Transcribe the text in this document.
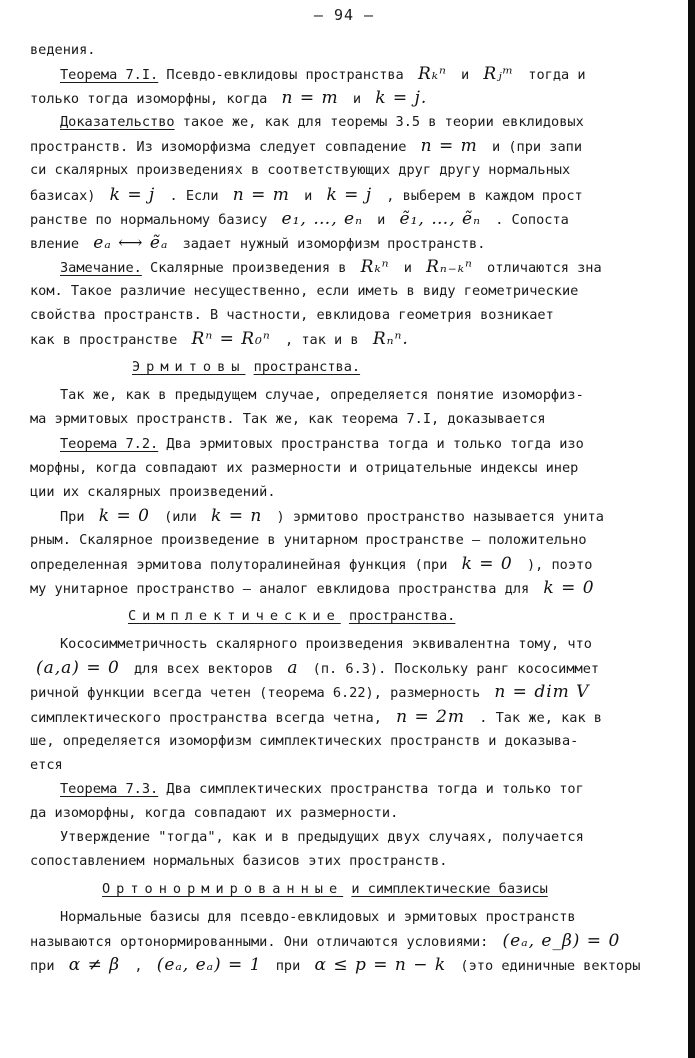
– 94 –
ведения.
Теорема 7.I. Псевдо-евклидовы пространства Rₖⁿ и Rⱼᵐ тогда и
только тогда изоморфны, когда n = m и k = j.
Доказательство такое же, как для теоремы 3.5 в теории евклидовых
пространств. Из изоморфизма следует совпадение n = m и (при запи
си скалярных произведениях в соответствующих друг другу нормальных
базисах) k = j . Если n = m и k = j , выберем в каждом прост
ранстве по нормальному базису e₁, …, eₙ и ẽ₁, …, ẽₙ . Сопоста
вление eₐ ⟷ ẽₐ задает нужный изоморфизм пространств.
Замечание. Скалярные произведения в Rₖⁿ и Rₙ₋ₖⁿ отличаются зна
ком. Такое различие несущественно, если иметь в виду геометрические
свойства пространств. В частности, евклидова геометрия возникает
как в пространстве Rⁿ = R₀ⁿ , так и в Rₙⁿ.
Эрмитовы пространства.
Так же, как в предыдущем случае, определяется понятие изоморфиз-
ма эрмитовых пространств. Так же, как теорема 7.I, доказывается
Теорема 7.2. Два эрмитовых пространства тогда и только тогда изо
морфны, когда совпадают их размерности и отрицательные индексы инер
ции их скалярных произведений.
При k = 0 (или k = n ) эрмитово пространство называется унита
рным. Скалярное произведение в унитарном пространстве – положительно
определенная эрмитова полуторалинейная функция (при k = 0 ), поэто
му унитарное пространство – аналог евклидова пространства для k = 0
Симплектические пространства.
Кососимметричность скалярного произведения эквивалентна тому, что
(a,a) = 0 для всех векторов a (п. 6.3). Поскольку ранг кососиммет
ричной функции всегда четен (теорема 6.22), размерность n = dim V
симплектического пространства всегда четна, n = 2m . Так же, как в
ше, определяется изоморфизм симплектических пространств и доказыва-
ется
Теорема 7.3. Два симплектических пространства тогда и только тог
да изоморфны, когда совпадают их размерности.
Утверждение "тогда", как и в предыдущих двух случаях, получается
сопоставлением нормальных базисов этих пространств.
Ортонормированные и симплектические базисы
Нормальные базисы для псевдо-евклидовых и эрмитовых пространств
называются ортонормированными. Они отличаются условиями: (eₐ, e_β) = 0
при α ≠ β , (eₐ, eₐ) = 1 при α ≤ p = n − k (это единичные векторы
